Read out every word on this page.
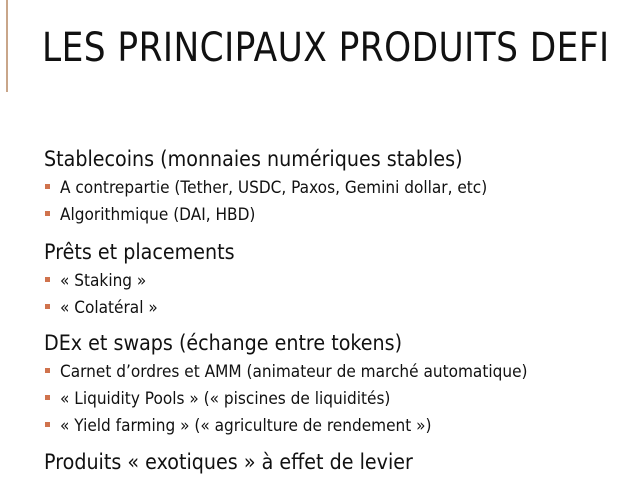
LES PRINCIPAUX PRODUITS DEFI
Stablecoins (monnaies numériques stables)
A contrepartie (Tether, USDC, Paxos, Gemini dollar, etc)
Algorithmique (DAI, HBD)
Prêts et placements
« Staking »
« Colatéral »
DEx et swaps (échange entre tokens)
Carnet d’ordres et AMM (animateur de marché automatique)
« Liquidity Pools » (« piscines de liquidités)
« Yield farming » (« agriculture de rendement »)
Produits « exotiques » à effet de levier
